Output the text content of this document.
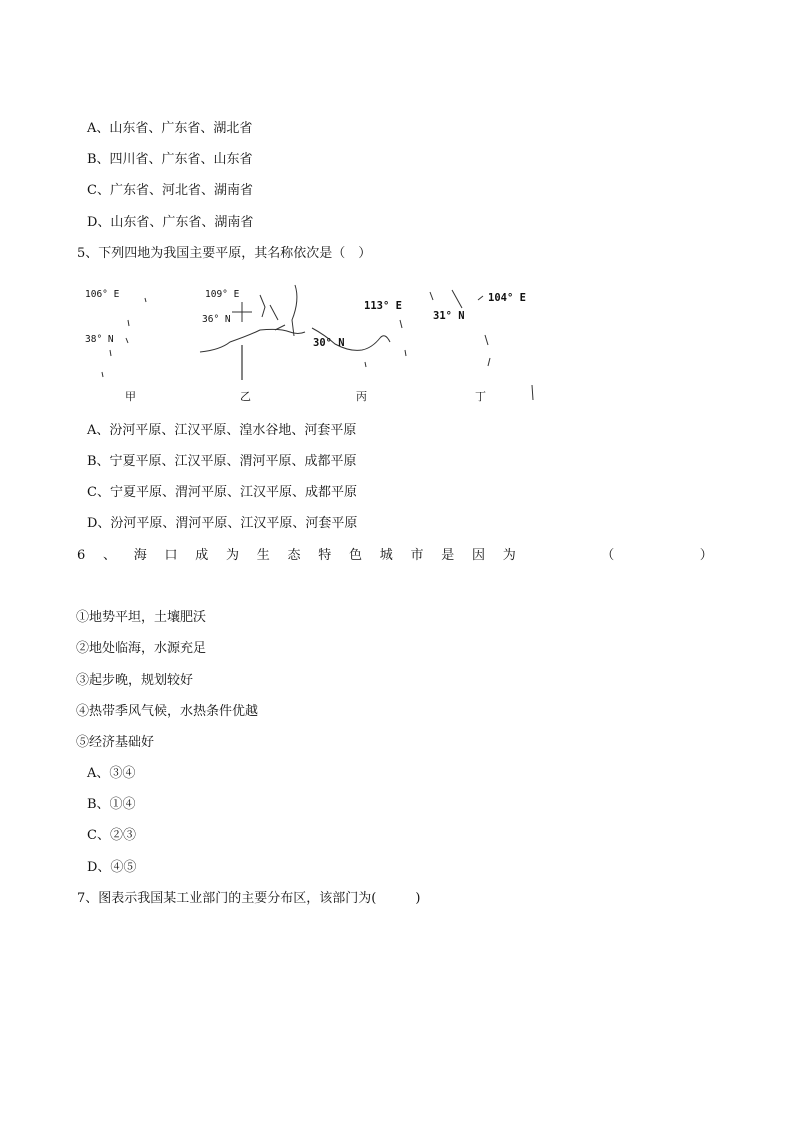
A、山东省、广东省、湖北省
B、四川省、广东省、山东省
C、广东省、河北省、湖南省
D、山东省、广东省、湖南省
5、下列四地为我国主要平原，其名称依次是（　）
106° E
38° N
109° E
36° N
113° E
30° N
31° N
104° E
甲	乙	丙	丁
A、汾河平原、江汉平原、湟水谷地、河套平原
B、宁夏平原、江汉平原、渭河平原、成都平原
C、宁夏平原、渭河平原、江汉平原、成都平原
D、汾河平原、渭河平原、江汉平原、河套平原
6 、 海 口 成 为 生 态 特 色 城 市 是 因 为	（	）
①地势平坦，土壤肥沃
②地处临海，水源充足
③起步晚，规划较好
④热带季风气候，水热条件优越
⑤经济基础好
A、③④
B、①④
C、②③
D、④⑤
7、图表示我国某工业部门的主要分布区，该部门为(　　　)
